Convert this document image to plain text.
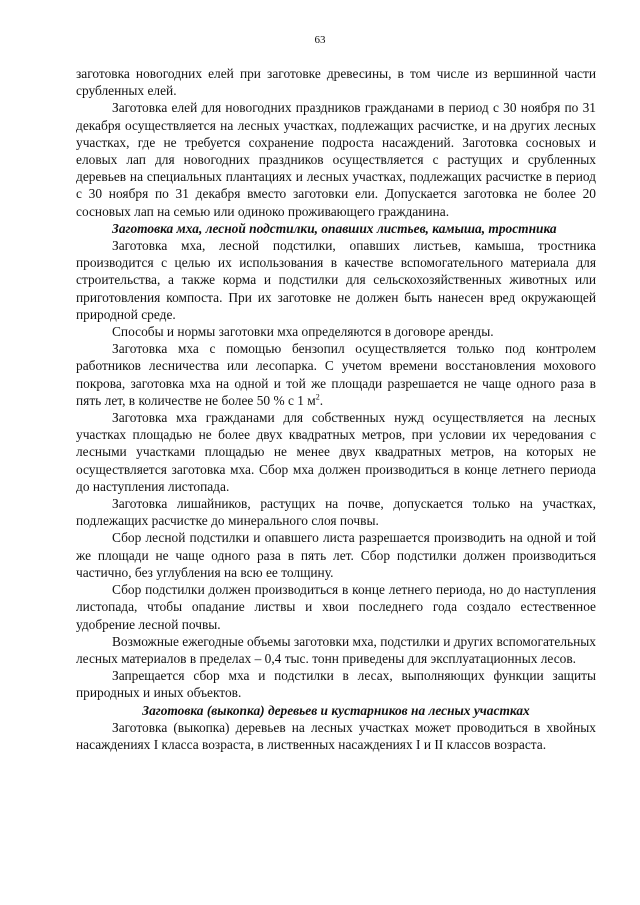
63

заготовка новогодних елей при заготовке древесины, в том числе из вершинной части срубленных елей.

Заготовка елей для новогодних праздников гражданами в период с 30 ноября по 31 декабря осуществляется на лесных участках, подлежащих расчистке, и на других лесных участках, где не требуется сохранение подроста насаждений. Заготовка сосновых и еловых лап для новогодних праздников осуществляется с растущих и срубленных деревьев на специальных плантациях и лесных участках, подлежащих расчистке в период с 30 ноября по 31 декабря вместо заготовки ели. Допускается заготовка не более 20 сосновых лап на семью или одиноко проживающего гражданина.

Заготовка мха, лесной подстилки, опавших листьев, камыша, тростника

Заготовка мха, лесной подстилки, опавших листьев, камыша, тростника производится с целью их использования в качестве вспомогательного материала для строительства, а также корма и подстилки для сельскохозяйственных животных или приготовления компоста. При их заготовке не должен быть нанесен вред окружающей природной среде.

Способы и нормы заготовки мха определяются в договоре аренды.

Заготовка мха с помощью бензопил осуществляется только под контролем работников лесничества или лесопарка. С учетом времени восстановления мохового покрова, заготовка мха на одной и той же площади разрешается не чаще одного раза в пять лет, в количестве не более 50 % с 1 $м^2$.

Заготовка мха гражданами для собственных нужд осуществляется на лесных участках площадью не более двух квадратных метров, при условии их чередования с лесными участками площадью не менее двух квадратных метров, на которых не осуществляется заготовка мха. Сбор мха должен производиться в конце летнего периода до наступления листопада.

Заготовка лишайников, растущих на почве, допускается только на участках, подлежащих расчистке до минерального слоя почвы.

Сбор лесной подстилки и опавшего листа разрешается производить на одной и той же площади не чаще одного раза в пять лет. Сбор подстилки должен производиться частично, без углубления на всю ее толщину.

Сбор подстилки должен производиться в конце летнего периода, но до наступления листопада, чтобы опадание листвы и хвои последнего года создало естественное удобрение лесной почвы.

Возможные ежегодные объемы заготовки мха, подстилки и других вспомогательных лесных материалов в пределах – 0,4 тыс. тонн приведены для эксплуатационных лесов.

Запрещается сбор мха и подстилки в лесах, выполняющих функции защиты природных и иных объектов.

Заготовка (выкопка) деревьев и кустарников на лесных участках

Заготовка (выкопка) деревьев на лесных участках может проводиться в хвойных насаждениях I класса возраста, в лиственных насаждениях I и II классов возраста.
